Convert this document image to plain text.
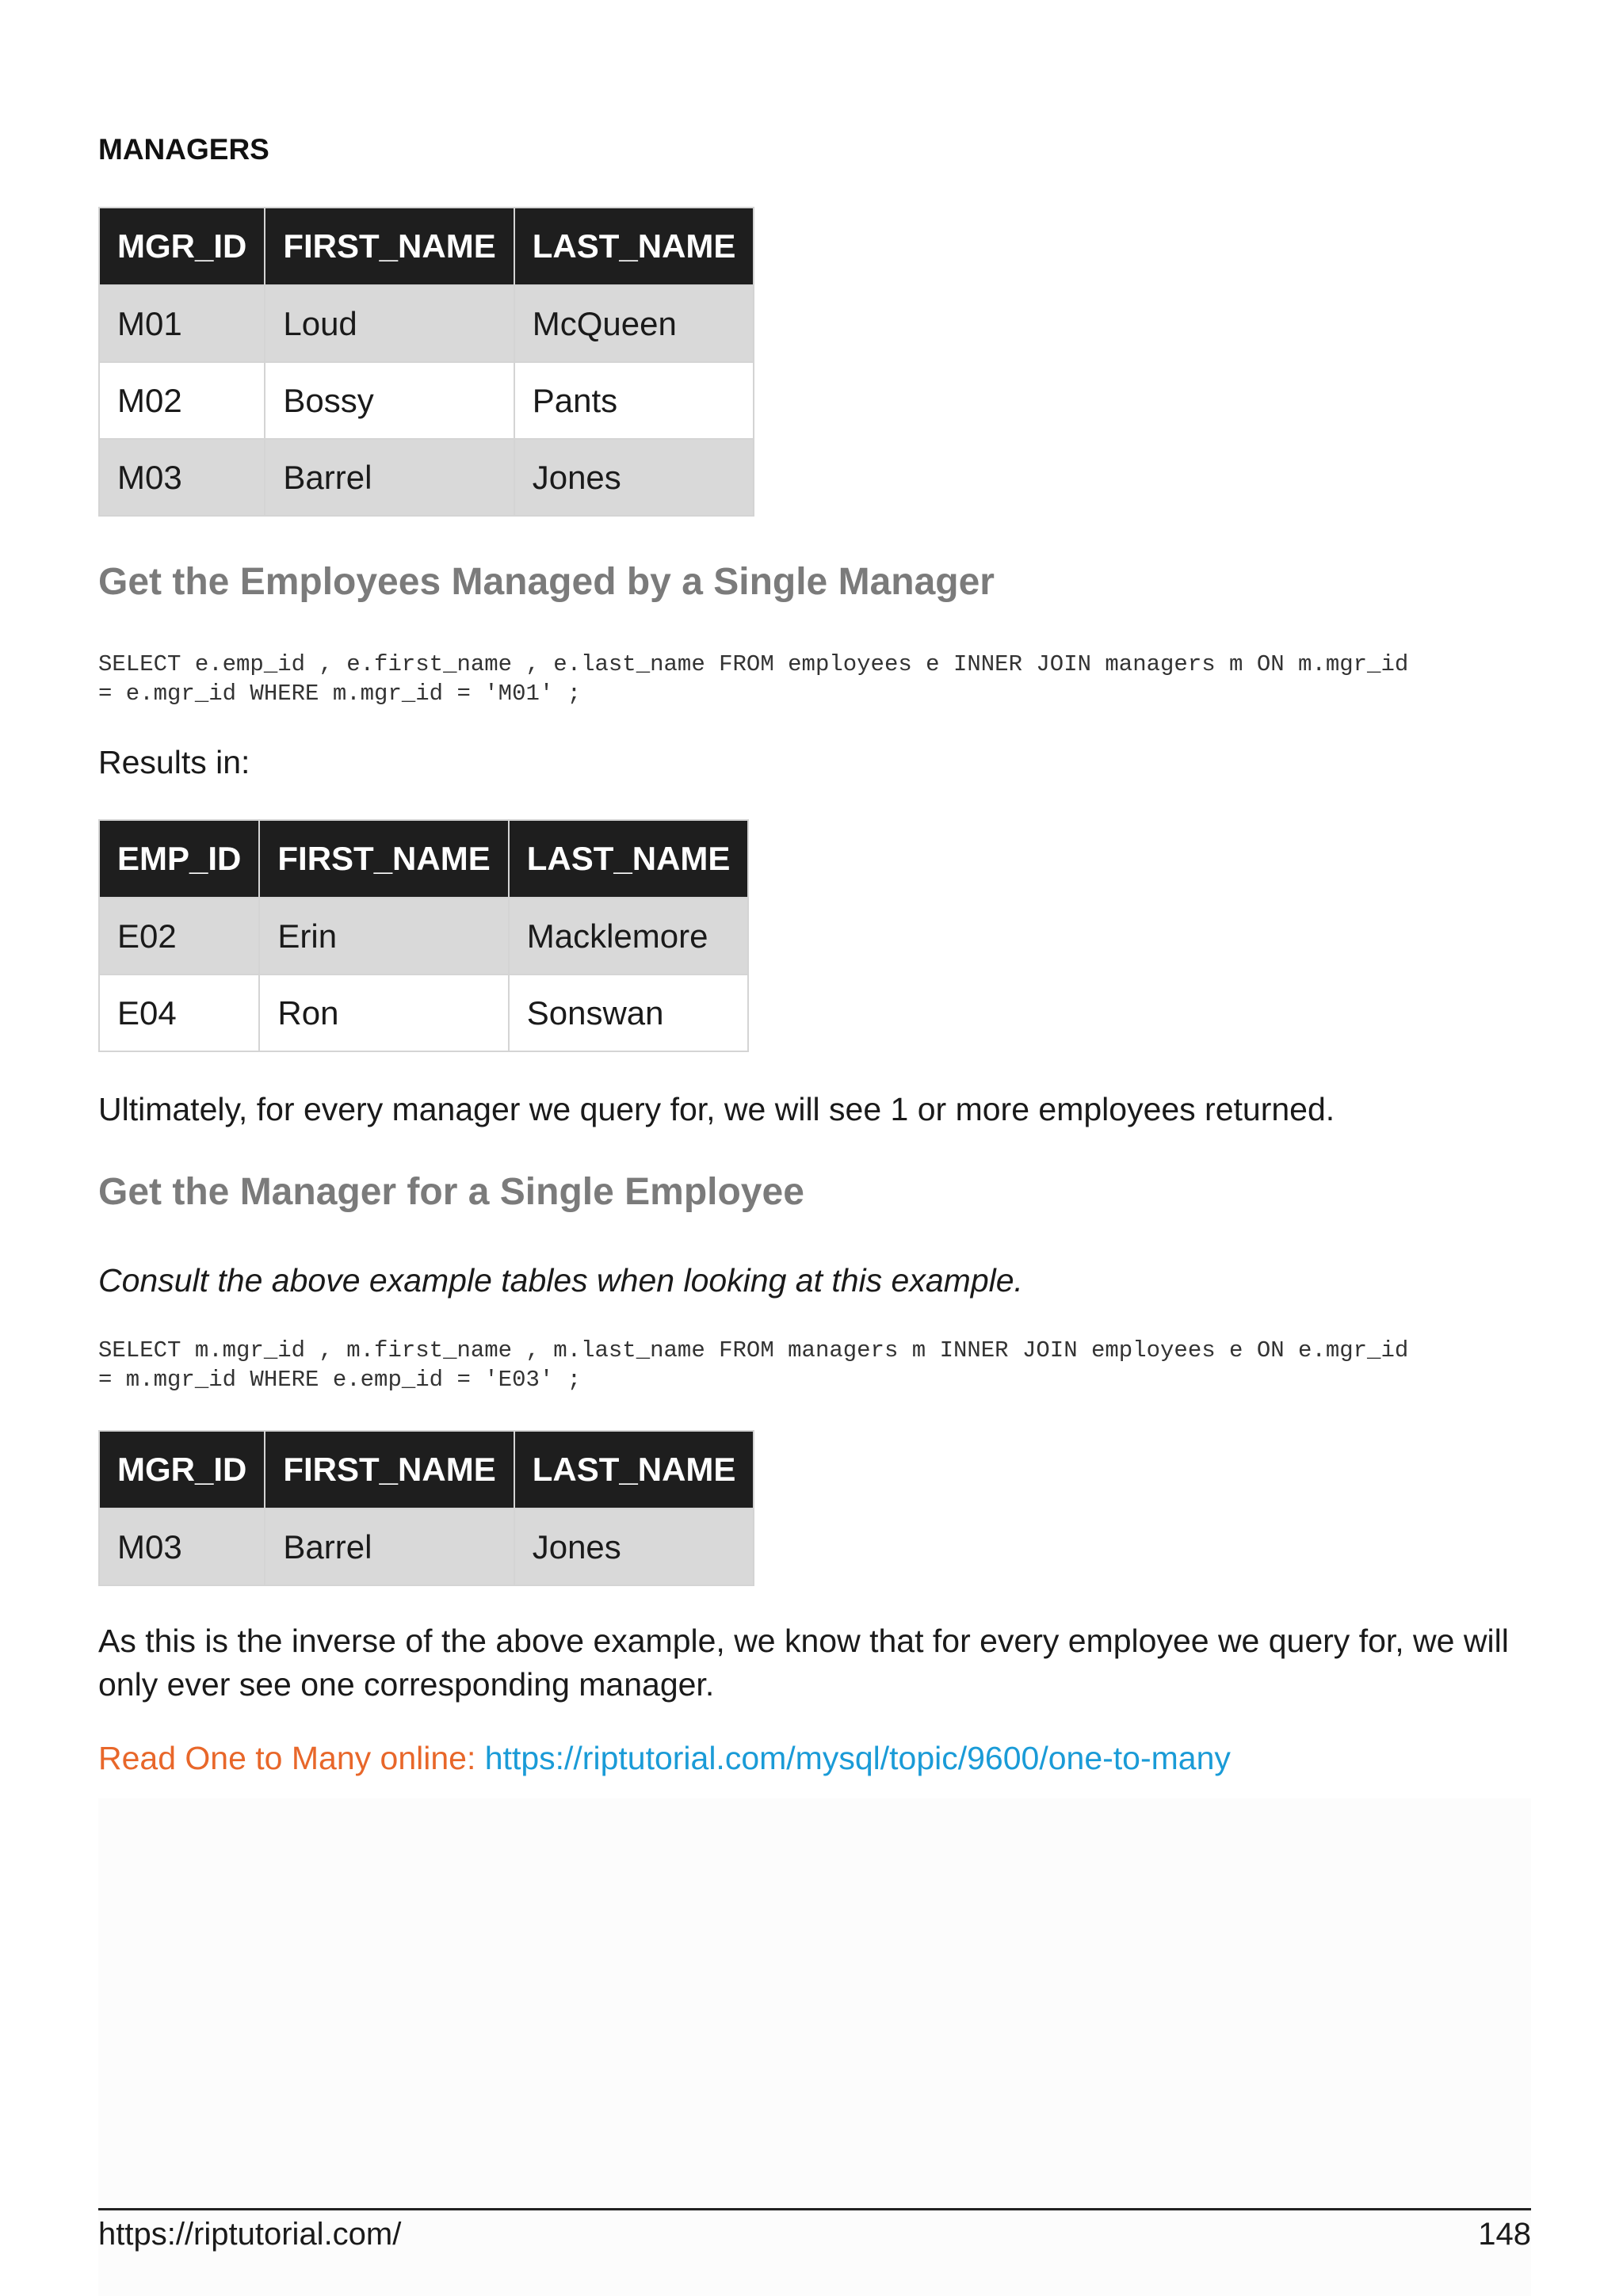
MANAGERS
MGR_ID	FIRST_NAME	LAST_NAME
M01	Loud	McQueen
M02	Bossy	Pants
M03	Barrel	Jones
Get the Employees Managed by a Single Manager
SELECT e.emp_id , e.first_name , e.last_name FROM employees e INNER JOIN managers m ON m.mgr_id
= e.mgr_id WHERE m.mgr_id = 'M01' ;

Results in:

EMP_ID	FIRST_NAME	LAST_NAME
E02	Erin	Macklemore
E04	Ron	Sonswan

Ultimately, for every manager we query for, we will see 1 or more employees returned.

Get the Manager for a Single Employee

Consult the above example tables when looking at this example.

SELECT m.mgr_id , m.first_name , m.last_name FROM managers m INNER JOIN employees e ON e.mgr_id
= m.mgr_id WHERE e.emp_id = 'E03' ;
MGR_ID	FIRST_NAME	LAST_NAME
M03	Barrel	Jones

As this is the inverse of the above example, we know that for every employee we query for, we will only ever see one corresponding manager.

Read One to Many online: https://riptutorial.com/mysql/topic/9600/one-to-many
https://riptutorial.com/	148
